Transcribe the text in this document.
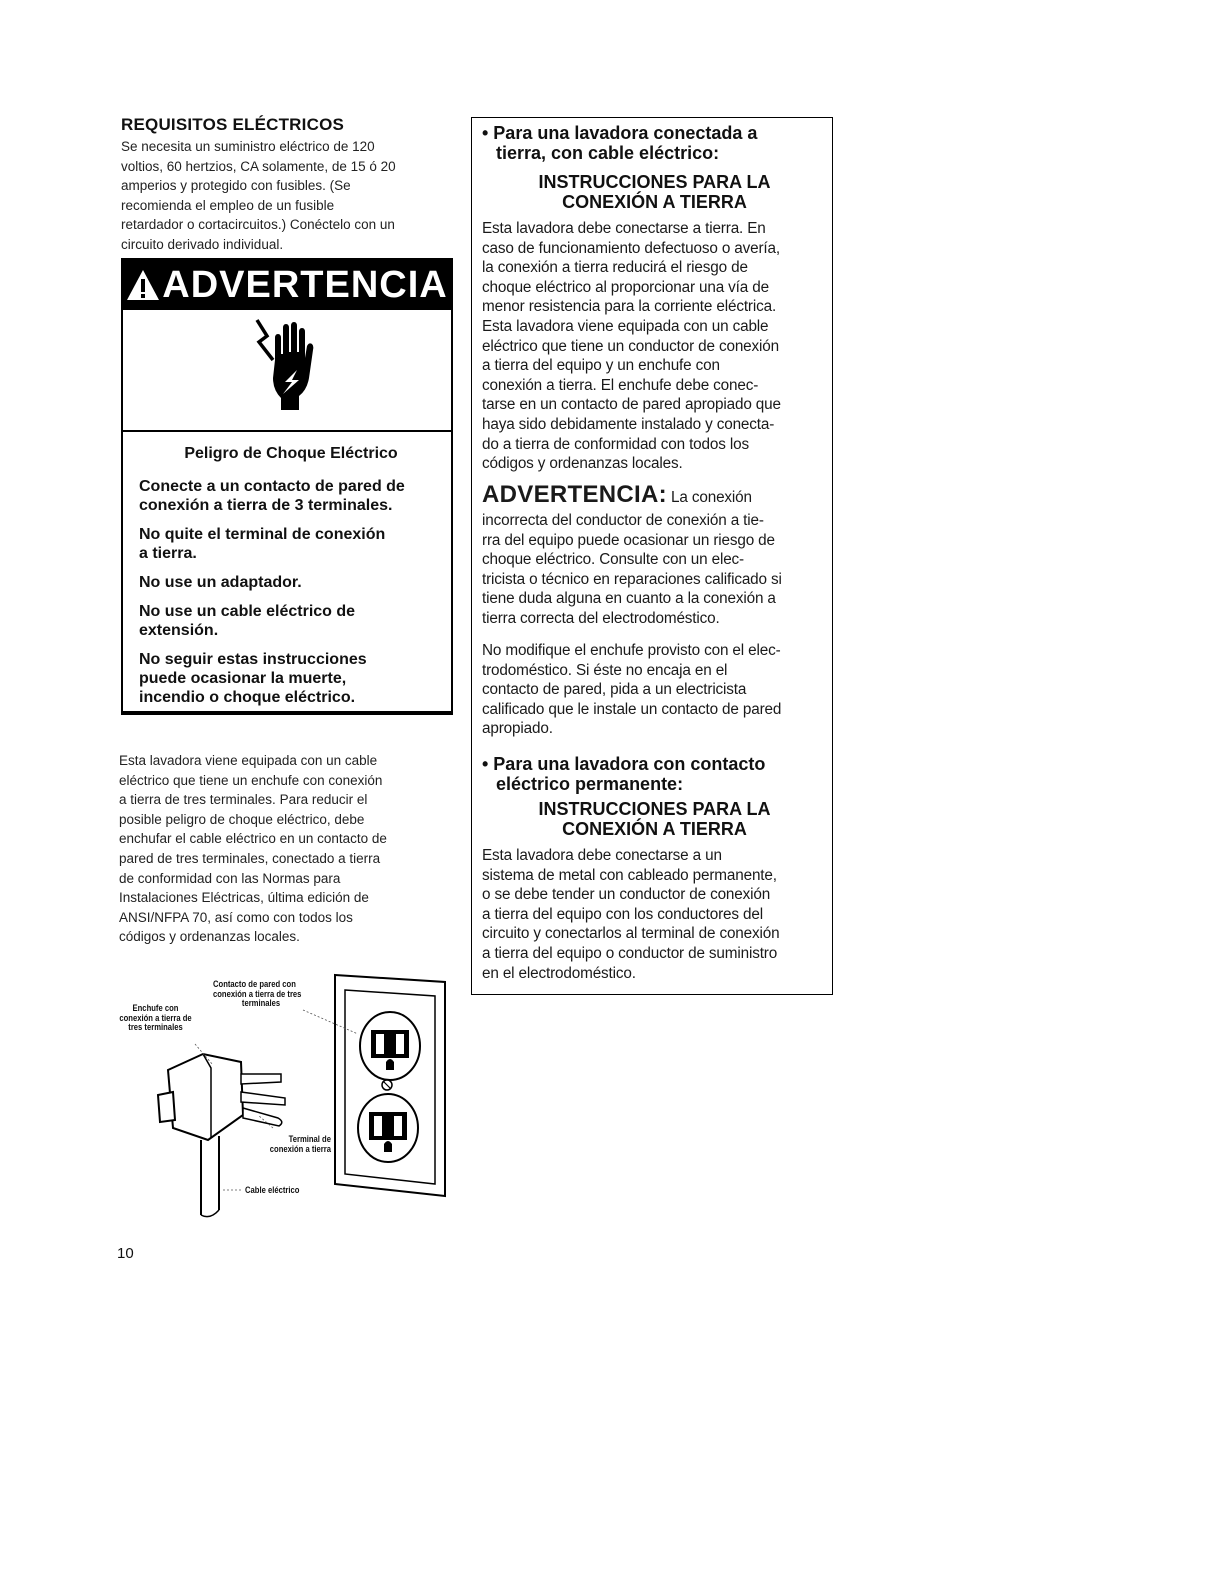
REQUISITOS ELÉCTRICOS
Se necesita un suministro eléctrico de 120
voltios, 60 hertzios, CA solamente, de 15 ó 20
amperios y protegido con fusibles. (Se
recomienda el empleo de un fusible
retardador o cortacircuitos.) Conéctelo con un
circuito derivado individual.
ADVERTENCIA
Peligro de Choque Eléctrico
Conecte a un contacto de pared de
conexión a tierra de 3 terminales.
No quite el terminal de conexión
a tierra.
No use un adaptador.
No use un cable eléctrico de
extensión.
No seguir estas instrucciones
puede ocasionar la muerte,
incendio o choque eléctrico.
Esta lavadora viene equipada con un cable
eléctrico que tiene un enchufe con conexión
a tierra de tres terminales. Para reducir el
posible peligro de choque eléctrico, debe
enchufar el cable eléctrico en un contacto de
pared de tres terminales, conectado a tierra
de conformidad con las Normas para
Instalaciones Eléctricas, última edición de
ANSI/NFPA 70, así como con todos los
códigos y ordenanzas locales.
Contacto de pared con
conexión a tierra de tres
terminales
Enchufe con
conexión a tierra de
tres terminales
Terminal de
conexión a tierra
Cable eléctrico
10
• Para una lavadora conectada a
tierra, con cable eléctrico:
INSTRUCCIONES PARA LA
CONEXIÓN A TIERRA
Esta lavadora debe conectarse a tierra. En
caso de funcionamiento defectuoso o avería,
la conexión a tierra reducirá el riesgo de
choque eléctrico al proporcionar una vía de
menor resistencia para la corriente eléctrica.
Esta lavadora viene equipada con un cable
eléctrico que tiene un conductor de conexión
a tierra del equipo y un enchufe con
conexión a tierra. El enchufe debe conec-
tarse en un contacto de pared apropiado que
haya sido debidamente instalado y conecta-
do a tierra de conformidad con todos los
códigos y ordenanzas locales.
ADVERTENCIA: La conexión
incorrecta del conductor de conexión a tie-
rra del equipo puede ocasionar un riesgo de
choque eléctrico. Consulte con un elec-
tricista o técnico en reparaciones calificado si
tiene duda alguna en cuanto a la conexión a
tierra correcta del electrodoméstico.
No modifique el enchufe provisto con el elec-
trodoméstico. Si éste no encaja en el
contacto de pared, pida a un electricista
calificado que le instale un contacto de pared
apropiado.
• Para una lavadora con contacto
eléctrico permanente:
INSTRUCCIONES PARA LA
CONEXIÓN A TIERRA
Esta lavadora debe conectarse a un
sistema de metal con cableado permanente,
o se debe tender un conductor de conexión
a tierra del equipo con los conductores del
circuito y conectarlos al terminal de conexión
a tierra del equipo o conductor de suministro
en el electrodoméstico.
